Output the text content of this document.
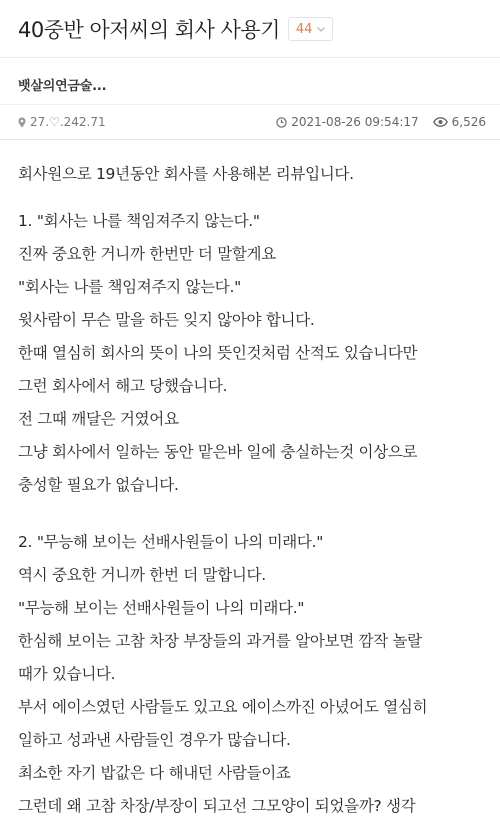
40중반 아저씨의 회사 사용기 44
뱃살의연금술...
27.♡.242.71	2021-08-26 09:54:17	6,526
회사원으로 19년동안 회사를 사용해본 리뷰입니다.
1. "회사는 나를 책임져주지 않는다."
진짜 중요한 거니까 한번만 더 말할게요
"회사는 나를 책임져주지 않는다."
윗사람이 무슨 말을 하든 잊지 않아야 합니다.
한때 열심히 회사의 뜻이 나의 뜻인것처럼 산적도 있습니다만
그런 회사에서 해고 당했습니다.
전 그때 깨달은 거였어요
그냥 회사에서 일하는 동안 맡은바 일에 충실하는것 이상으로
충성할 필요가 없습니다.
2. "무능해 보이는 선배사원들이 나의 미래다."
역시 중요한 거니까 한번 더 말합니다.
"무능해 보이는 선배사원들이 나의 미래다."
한심해 보이는 고참 차장 부장들의 과거를 알아보면 깜작 놀랄
때가 있습니다.
부서 에이스였던 사람들도 있고요 에이스까진 아녔어도 열심히
일하고 성과낸 사람들인 경우가 많습니다.
최소한 자기 밥값은 다 해내던 사람들이죠
그런데 왜 고참 차장/부장이 되고선 그모양이 되었을까? 생각
